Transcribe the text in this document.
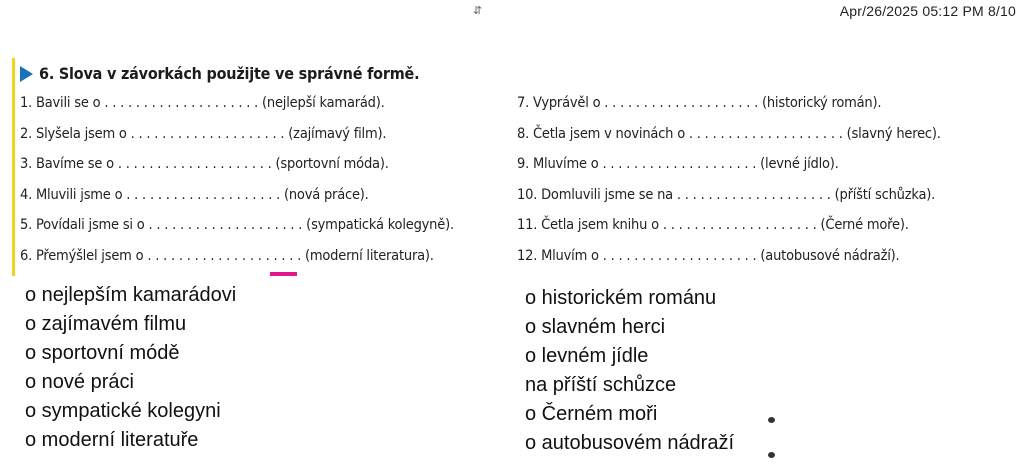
⇵	Apr/26/2025 05:12 PM 8/10
6. Slova v závorkách použijte ve správné formě.
1. Bavili se o . . . . . . . . . . . . . . . . . . . . (nejlepší kamarád).
2. Slyšela jsem o . . . . . . . . . . . . . . . . . . . . (zajímavý film).
3. Bavíme se o . . . . . . . . . . . . . . . . . . . . (sportovní móda).
4. Mluvili jsme o . . . . . . . . . . . . . . . . . . . . (nová práce).
5. Povídali jsme si o . . . . . . . . . . . . . . . . . . . . (sympatická kolegyně).
6. Přemýšlel jsem o . . . . . . . . . . . . . . . . . . . . (moderní literatura).
7. Vyprávěl o . . . . . . . . . . . . . . . . . . . . (historický román).
8. Četla jsem v novinách o . . . . . . . . . . . . . . . . . . . . (slavný herec).
9. Mluvíme o . . . . . . . . . . . . . . . . . . . . (levné jídlo).
10. Domluvili jsme se na . . . . . . . . . . . . . . . . . . . . (příští schůzka).
11. Četla jsem knihu o . . . . . . . . . . . . . . . . . . . . (Černé moře).
12. Mluvím o . . . . . . . . . . . . . . . . . . . . (autobusové nádraží).
o nejlepším kamarádovi
o zajímavém filmu
o sportovní módě
o nové práci
o sympatické kolegyni
o moderní literatuře
o historickém románu
o slavném herci
o levném jídle
na příští schůzce
o Černém moři
o autobusovém nádraží
